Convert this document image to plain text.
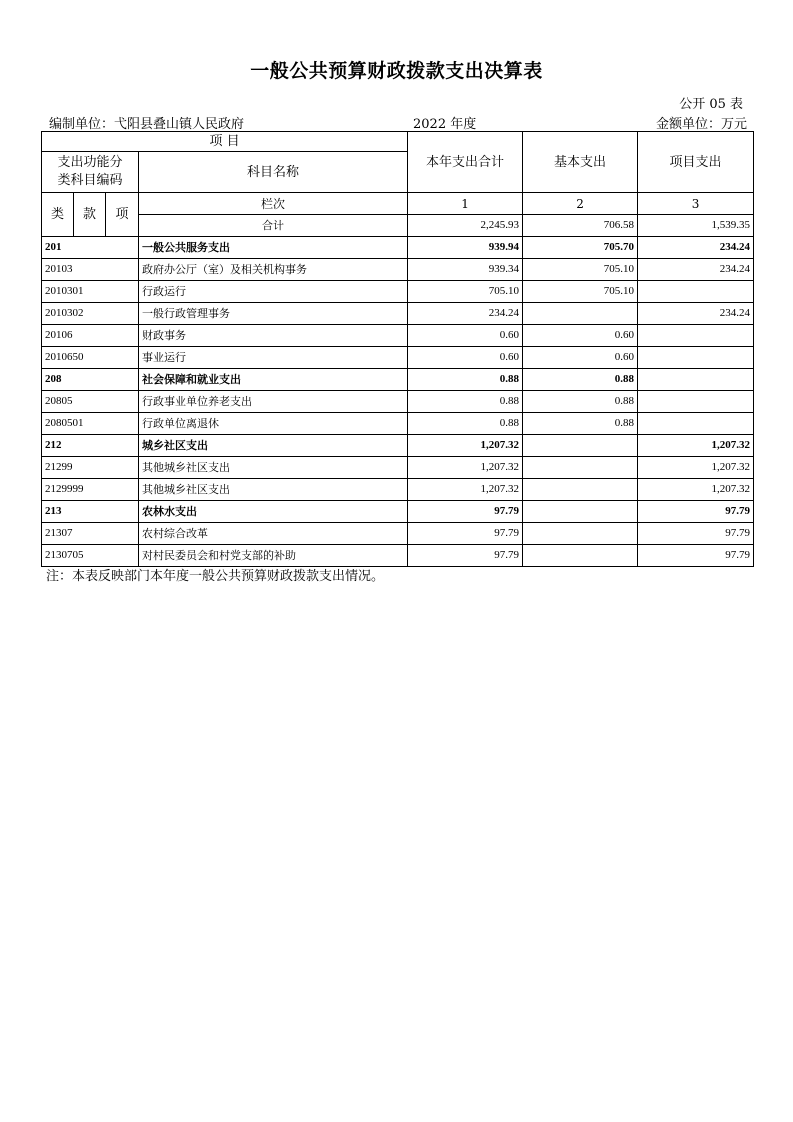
一般公共预算财政拨款支出决算表
公开 05 表
编制单位：弋阳县叠山镇人民政府	2022 年度	金额单位：万元
项 目				本年支出合计	基本支出	项目支出
支出功能分
类科目编码			科目名称			
类	款	项				
			栏次	1	2	3
			合计	2,245.93	706.58	1,539.35
201			一般公共服务支出	939.94	705.70	234.24
20103			政府办公厅（室）及相关机构事务	939.34	705.10	234.24
2010301			行政运行	705.10	705.10	
2010302			一般行政管理事务	234.24		234.24
20106			财政事务	0.60	0.60	
2010650			事业运行	0.60	0.60	
208			社会保障和就业支出	0.88	0.88	
20805			行政事业单位养老支出	0.88	0.88	
2080501			行政单位离退休	0.88	0.88	
212			城乡社区支出	1,207.32		1,207.32
21299			其他城乡社区支出	1,207.32		1,207.32
2129999			其他城乡社区支出	1,207.32		1,207.32
213			农林水支出	97.79		97.79
21307			农村综合改革	97.79		97.79
2130705			对村民委员会和村党支部的补助	97.79		97.79
注：本表反映部门本年度一般公共预算财政拨款支出情况。
